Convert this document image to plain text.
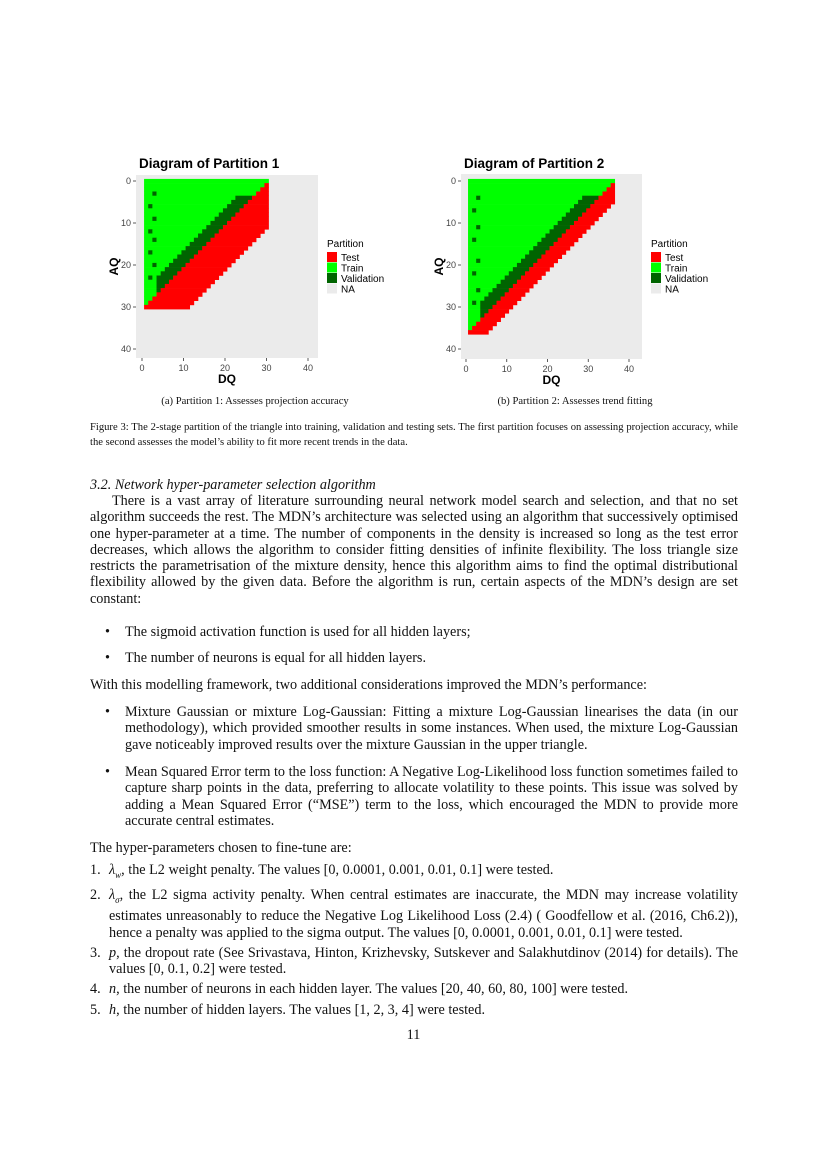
Diagram of Partition 1
0
0
10
10
20
20
30
30
40
40
DQ
AQ
Partition
Test
Train
Validation
NA
Diagram of Partition 2
0
0
10
10
20
20
30
30
40
40
DQ
AQ
Partition
Test
Train
Validation
NA
(a) Partition 1: Assesses projection accuracy	(b) Partition 2: Assesses trend fitting
Figure 3: The 2-stage partition of the triangle into training, validation and testing sets. The first partition focuses on assessing projection accuracy, while the second assesses the model’s ability to fit more recent trends in the data.
3.2. Network hyper-parameter selection algorithm
There is a vast array of literature surrounding neural network model search and selection, and that no set algorithm succeeds the rest. The MDN’s architecture was selected using an algorithm that successively optimised one hyper-parameter at a time. The number of components in the density is increased so long as the test error decreases, which allows the algorithm to consider fitting densities of infinite flexibility. The loss triangle size restricts the parametrisation of the mixture density, hence this algorithm aims to find the optimal distributional flexibility allowed by the given data. Before the algorithm is run, certain aspects of the MDN’s design are set constant:
• The sigmoid activation function is used for all hidden layers;
• The number of neurons is equal for all hidden layers.
With this modelling framework, two additional considerations improved the MDN’s performance:
• Mixture Gaussian or mixture Log-Gaussian: Fitting a mixture Log-Gaussian linearises the data (in our methodology), which provided smoother results in some instances. When used, the mixture Log-Gaussian gave noticeably improved results over the mixture Gaussian in the upper triangle.
• Mean Squared Error term to the loss function: A Negative Log-Likelihood loss function sometimes failed to capture sharp points in the data, preferring to allocate volatility to these points. This issue was solved by adding a Mean Squared Error (“MSE”) term to the loss, which encouraged the MDN to provide more accurate central estimates.
The hyper-parameters chosen to fine-tune are:
1. $\lambda_w$, the L2 weight penalty. The values [0, 0.0001, 0.001, 0.01, 0.1] were tested.
2. $\lambda_\sigma$, the L2 sigma activity penalty. When central estimates are inaccurate, the MDN may increase volatility estimates unreasonably to reduce the Negative Log Likelihood Loss (2.4) ( Goodfellow et al. (2016, Ch6.2)), hence a penalty was applied to the sigma output. The values [0, 0.0001, 0.001, 0.01, 0.1] were tested.
3. p, the dropout rate (See Srivastava, Hinton, Krizhevsky, Sutskever and Salakhutdinov (2014) for details). The values [0, 0.1, 0.2] were tested.
4. n, the number of neurons in each hidden layer. The values [20, 40, 60, 80, 100] were tested.
5. h, the number of hidden layers. The values [1, 2, 3, 4] were tested.
11
